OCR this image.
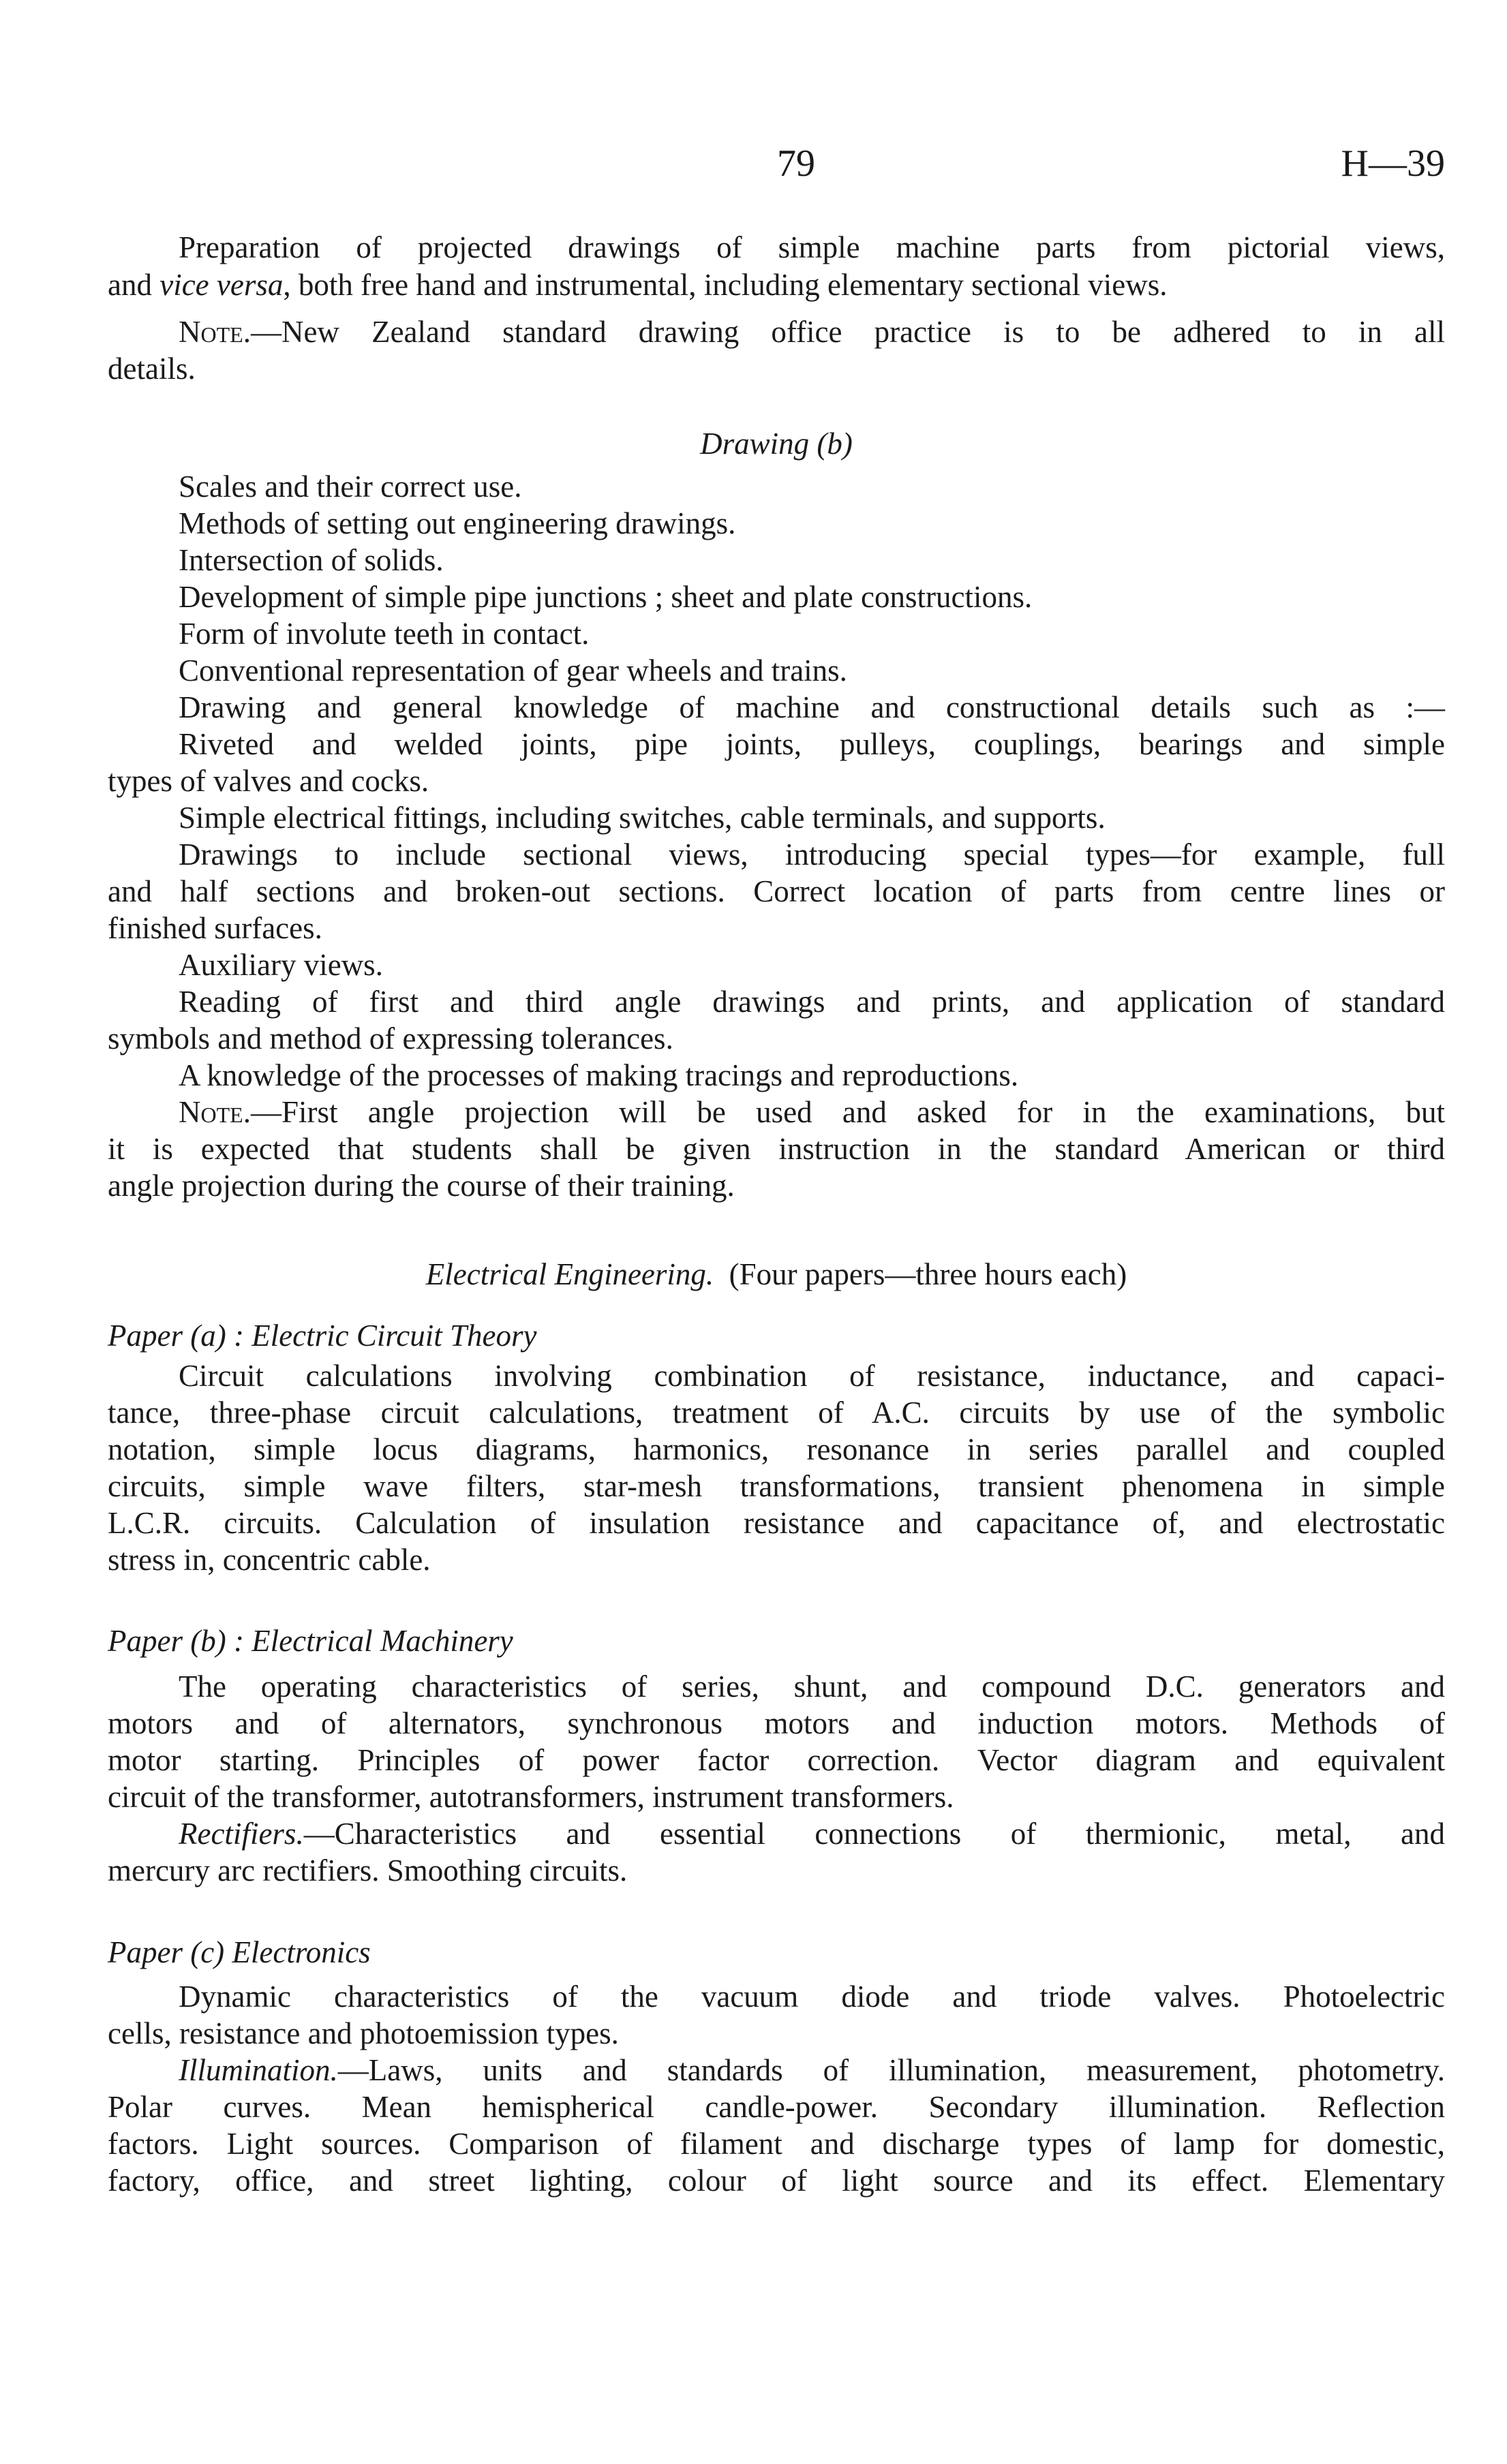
79	H—39
Preparation of projected drawings of simple machine parts from pictorial views,
and vice versa, both free hand and instrumental, including elementary sectional views.
Note.—New Zealand standard drawing office practice is to be adhered to in all
details.
Drawing (b)
Scales and their correct use.
Methods of setting out engineering drawings.
Intersection of solids.
Development of simple pipe junctions ; sheet and plate constructions.
Form of involute teeth in contact.
Conventional representation of gear wheels and trains.
Drawing and general knowledge of machine and constructional details such as :—
Riveted and welded joints, pipe joints, pulleys, couplings, bearings and simple
types of valves and cocks.
Simple electrical fittings, including switches, cable terminals, and supports.
Drawings to include sectional views, introducing special types—for example, full
and half sections and broken-out sections. Correct location of parts from centre lines or
finished surfaces.
Auxiliary views.
Reading of first and third angle drawings and prints, and application of standard
symbols and method of expressing tolerances.
A knowledge of the processes of making tracings and reproductions.
Note.—First angle projection will be used and asked for in the examinations, but
it is expected that students shall be given instruction in the standard American or third
angle projection during the course of their training.
Electrical Engineering. (Four papers—three hours each)
Paper (a) : Electric Circuit Theory
Circuit calculations involving combination of resistance, inductance, and capaci-
tance, three-phase circuit calculations, treatment of A.C. circuits by use of the symbolic
notation, simple locus diagrams, harmonics, resonance in series parallel and coupled
circuits, simple wave filters, star-mesh transformations, transient phenomena in simple
L.C.R. circuits. Calculation of insulation resistance and capacitance of, and electrostatic
stress in, concentric cable.
Paper (b) : Electrical Machinery
The operating characteristics of series, shunt, and compound D.C. generators and
motors and of alternators, synchronous motors and induction motors. Methods of
motor starting. Principles of power factor correction. Vector diagram and equivalent
circuit of the transformer, autotransformers, instrument transformers.
Rectifiers.—Characteristics and essential connections of thermionic, metal, and
mercury arc rectifiers. Smoothing circuits.
Paper (c) Electronics
Dynamic characteristics of the vacuum diode and triode valves. Photoelectric
cells, resistance and photoemission types.
Illumination.—Laws, units and standards of illumination, measurement, photometry.
Polar curves. Mean hemispherical candle-power. Secondary illumination. Reflection
factors. Light sources. Comparison of filament and discharge types of lamp for domestic,
factory, office, and street lighting, colour of light source and its effect. Elementary
